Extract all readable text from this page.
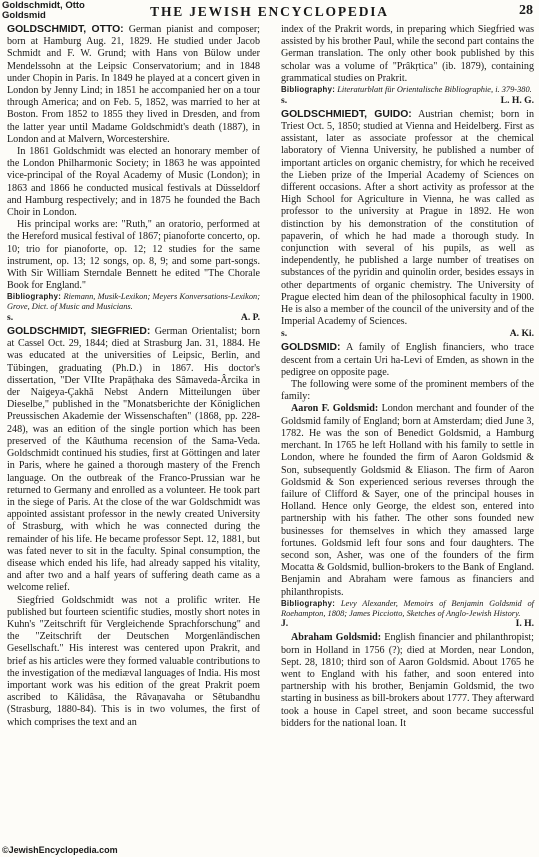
Goldschmidt, Otto
Goldsmid	THE JEWISH ENCYCLOPEDIA	28

GOLDSCHMIDT, OTTO: German pianist and composer; born at Hamburg Aug. 21, 1829. He studied under Jacob Schmidt and F. W. Grund; with Hans von Bülow under Mendelssohn at the Leipsic Conservatorium; and in 1848 under Chopin in Paris. In 1849 he played at a concert given in London by Jenny Lind; in 1851 he accompanied her on a tour through America; and on Feb. 5, 1852, was married to her at Boston. From 1852 to 1855 they lived in Dresden, and from the latter year until Madame Goldschmidt's death (1887), in London and at Malvern, Worcestershire.

In 1861 Goldschmidt was elected an honorary member of the London Philharmonic Society; in 1863 he was appointed vice-principal of the Royal Academy of Music (London); in 1863 and 1866 he conducted musical festivals at Düsseldorf and Hamburg respectively; and in 1875 he founded the Bach Choir in London.

His principal works are: "Ruth," an oratorio, performed at the Hereford musical festival of 1867; pianoforte concerto, op. 10; trio for pianoforte, op. 12; 12 studies for the same instrument, op. 13; 12 songs, op. 8, 9; and some part-songs. With Sir William Sterndale Bennett he edited "The Chorale Book for England."

Bibliography: Riemann, Musik-Lexikon; Meyers Konversations-Lexikon; Grove, Dict. of Music and Musicians.

s.	A. P.

GOLDSCHMIDT, SIEGFRIED: German Orientalist; born at Cassel Oct. 29, 1844; died at Strasburg Jan. 31, 1884. He was educated at the universities of Leipsic, Berlin, and Tübingen, graduating (Ph.D.) in 1867. His doctor's dissertation, "Der VIIte Prapāṭhaka des Sâmaveda-Ârcika in der Naigeya-Çakhā Nebst Andern Mitteilungen über Dieselbe," published in the "Monatsberichte der Königlichen Preussischen Akademie der Wissenschaften" (1868, pp. 228-248), was an edition of the single portion which has been preserved of the Kâuthuma recension of the Sama-Veda. Goldschmidt continued his studies, first at Göttingen and later in Paris, where he gained a thorough mastery of the French language. On the outbreak of the Franco-Prussian war he returned to Germany and enrolled as a volunteer. He took part in the siege of Paris. At the close of the war Goldschmidt was appointed assistant professor in the newly created University of Strasburg, with which he was connected during the remainder of his life. He became professor Sept. 12, 1881, but was fated never to sit in the faculty. Spinal consumption, the disease which ended his life, had already sapped his vitality, and after two and a half years of suffering death came as a welcome relief.

Siegfried Goldschmidt was not a prolific writer. He published but fourteen scientific studies, mostly short notes in Kuhn's "Zeitschrift für Vergleichende Sprachforschung" and the "Zeitschrift der Deutschen Morgenländischen Gesellschaft." His interest was centered upon Prakrit, and brief as his articles were they formed valuable contributions to the investigation of the mediæval languages of India. His most important work was his edition of the great Prakrit poem ascribed to Kâlidâsa, the Râvaṇavaha or Sêtubandhu (Strasburg, 1880-84). This is in two volumes, the first of which comprises the text and an

index of the Prakrit words, in preparing which Siegfried was assisted by his brother Paul, while the second part contains the German translation. The only other book published by this scholar was a volume of "Prâkṛtica" (ib. 1879), containing grammatical studies on Prakrit.

Bibliography: Literaturblatt für Orientalische Bibliographie, i. 379-380.

s.	L. H. G.

GOLDSCHMIEDT, GUIDO: Austrian chemist; born in Triest Oct. 5, 1850; studied at Vienna and Heidelberg. First as assistant, later as associate professor at the chemical laboratory of Vienna University, he published a number of important articles on organic chemistry, for which he received the Lieben prize of the Imperial Academy of Sciences on different occasions. After a short activity as professor at the High School for Agriculture in Vienna, he was called as professor to the university at Prague in 1892. He won distinction by his demonstration of the constitution of papaverin, of which he had made a thorough study. In conjunction with several of his pupils, as well as independently, he published a large number of treatises on substances of the pyridin and quinolin order, besides essays in other departments of organic chemistry. The University of Prague elected him dean of the philosophical faculty in 1900. He is also a member of the council of the university and of the Imperial Academy of Sciences.

s.	A. Ki.

GOLDSMID: A family of English financiers, who trace descent from a certain Uri ha-Levi of Emden, as shown in the pedigree on opposite page.

The following were some of the prominent members of the family:

Aaron F. Goldsmid: London merchant and founder of the Goldsmid family of England; born at Amsterdam; died June 3, 1782. He was the son of Benedict Goldsmid, a Hamburg merchant. In 1765 he left Holland with his family to settle in London, where he founded the firm of Aaron Goldsmid & Son, subsequently Goldsmid & Eliason. The firm of Aaron Goldsmid & Son experienced serious reverses through the failure of Clifford & Sayer, one of the principal houses in Holland. Hence only George, the eldest son, entered into partnership with his father. The other sons founded new businesses for themselves in which they amassed large fortunes. Goldsmid left four sons and four daughters. The second son, Asher, was one of the founders of the firm Mocatta & Goldsmid, bullion-brokers to the Bank of England. Benjamin and Abraham were famous as financiers and philanthropists.

Bibliography: Levy Alexander, Memoirs of Benjamin Goldsmid of Roehampton, 1808; James Picciotto, Sketches of Anglo-Jewish History.

J.	I. H.

Abraham Goldsmid: English financier and philanthropist; born in Holland in 1756 (?); died at Morden, near London, Sept. 28, 1810; third son of Aaron Goldsmid. About 1765 he went to England with his father, and soon entered into partnership with his brother, Benjamin Goldsmid, the two starting in business as bill-brokers about 1777. They afterward took a house in Capel street, and soon became successful bidders for the national loan. It

©JewishEncyclopedia.com
